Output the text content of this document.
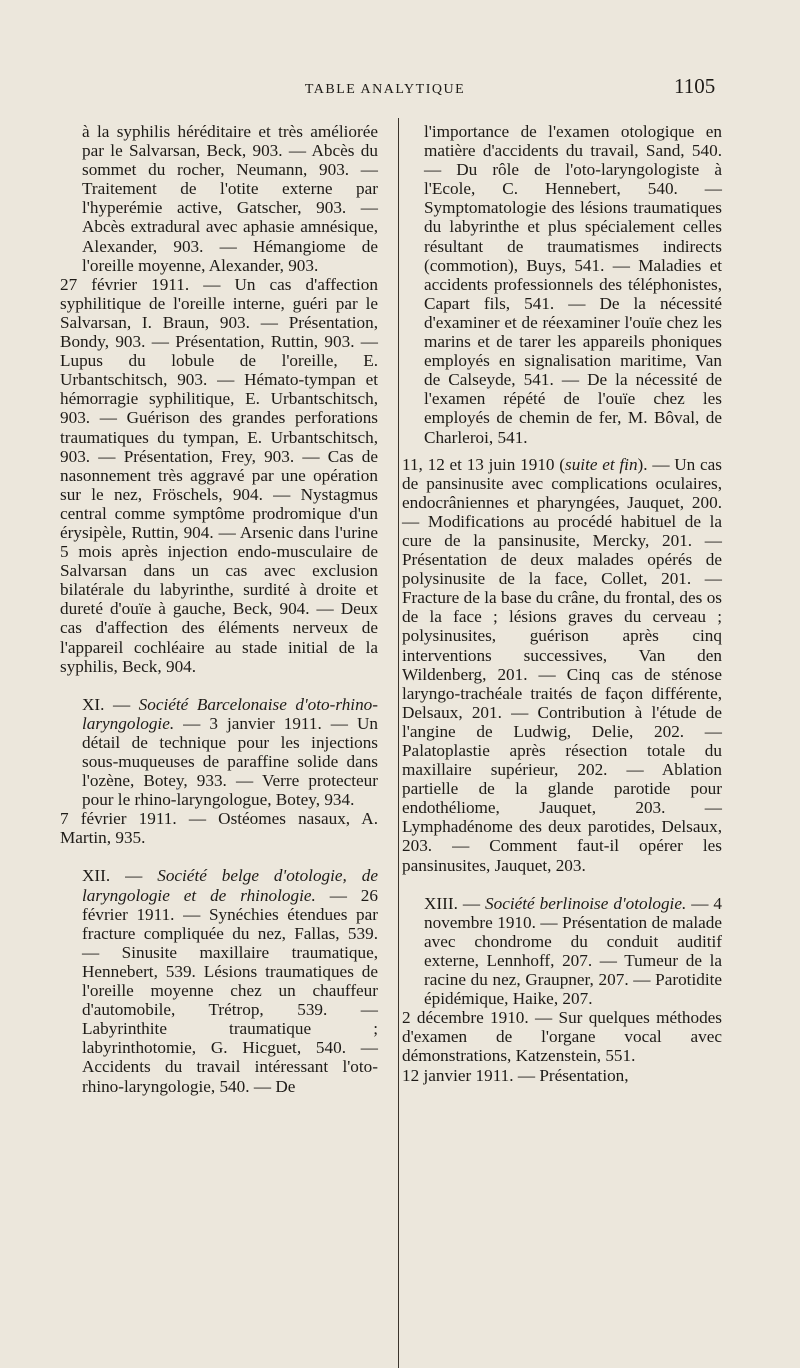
TABLE ANALYTIQUE	1105

à la syphilis héréditaire et très améliorée par le Salvarsan, Beck, 903. — Abcès du sommet du rocher, Neumann, 903. — Traitement de l'otite externe par l'hyperémie active, Gatscher, 903. — Abcès extradural avec aphasie amnésique, Alexander, 903. — Hémangiome de l'oreille moyenne, Alexander, 903.

27 février 1911. — Un cas d'affection syphilitique de l'oreille interne, guéri par le Salvarsan, I. Braun, 903. — Présentation, Bondy, 903. — Présentation, Ruttin, 903. — Lupus du lobule de l'oreille, E. Urbantschitsch, 903. — Hémato-tympan et hémorragie syphilitique, E. Urbantschitsch, 903. — Guérison des grandes perforations traumatiques du tympan, E. Urbantschitsch, 903. — Présentation, Frey, 903. — Cas de nasonnement très aggravé par une opération sur le nez, Fröschels, 904. — Nystagmus central comme symptôme prodromique d'un érysipèle, Ruttin, 904. — Arsenic dans l'urine 5 mois après injection endo-musculaire de Salvarsan dans un cas avec exclusion bilatérale du labyrinthe, surdité à droite et dureté d'ouïe à gauche, Beck, 904. — Deux cas d'affection des éléments nerveux de l'appareil cochléaire au stade initial de la syphilis, Beck, 904.

XI. — Société Barcelonaise d'oto-rhino-laryngologie. — 3 janvier 1911. — Un détail de technique pour les injections sous-muqueuses de paraffine solide dans l'ozène, Botey, 933. — Verre protecteur pour le rhino-laryngologue, Botey, 934.

7 février 1911. — Ostéomes nasaux, A. Martin, 935.

XII. — Société belge d'otologie, de laryngologie et de rhinologie. — 26 février 1911. — Synéchies étendues par fracture compliquée du nez, Fallas, 539. — Sinusite maxillaire traumatique, Hennebert, 539. Lésions traumatiques de l'oreille moyenne chez un chauffeur d'automobile, Trétrop, 539. — Labyrinthite traumatique ; labyrinthotomie, G. Hicguet, 540. — Accidents du travail intéressant l'oto-rhino-laryngologie, 540. — De

l'importance de l'examen otologique en matière d'accidents du travail, Sand, 540. — Du rôle de l'oto-laryngologiste à l'Ecole, C. Hennebert, 540. — Symptomatologie des lésions traumatiques du labyrinthe et plus spécialement celles résultant de traumatismes indirects (commotion), Buys, 541. — Maladies et accidents professionnels des téléphonistes, Capart fils, 541. — De la nécessité d'examiner et de réexaminer l'ouïe chez les marins et de tarer les appareils phoniques employés en signalisation maritime, Van de Calseyde, 541. — De la nécessité de l'examen répété de l'ouïe chez les employés de chemin de fer, M. Bôval, de Charleroi, 541.

11, 12 et 13 juin 1910 (suite et fin). — Un cas de pansinusite avec complications oculaires, endocrâniennes et pharyngées, Jauquet, 200. — Modifications au procédé habituel de la cure de la pansinusite, Mercky, 201. — Présentation de deux malades opérés de polysinusite de la face, Collet, 201. — Fracture de la base du crâne, du frontal, des os de la face ; lésions graves du cerveau ; polysinusites, guérison après cinq interventions successives, Van den Wildenberg, 201. — Cinq cas de sténose laryngo-trachéale traités de façon différente, Delsaux, 201. — Contribution à l'étude de l'angine de Ludwig, Delie, 202. — Palatoplastie après résection totale du maxillaire supérieur, 202. — Ablation partielle de la glande parotide pour endothéliome, Jauquet, 203. — Lymphadénome des deux parotides, Delsaux, 203. — Comment faut-il opérer les pansinusites, Jauquet, 203.

XIII. — Société berlinoise d'otologie. — 4 novembre 1910. — Présentation de malade avec chondrome du conduit auditif externe, Lennhoff, 207. — Tumeur de la racine du nez, Graupner, 207. — Parotidite épidémique, Haike, 207.

2 décembre 1910. — Sur quelques méthodes d'examen de l'organe vocal avec démonstrations, Katzenstein, 551.

12 janvier 1911. — Présentation,
